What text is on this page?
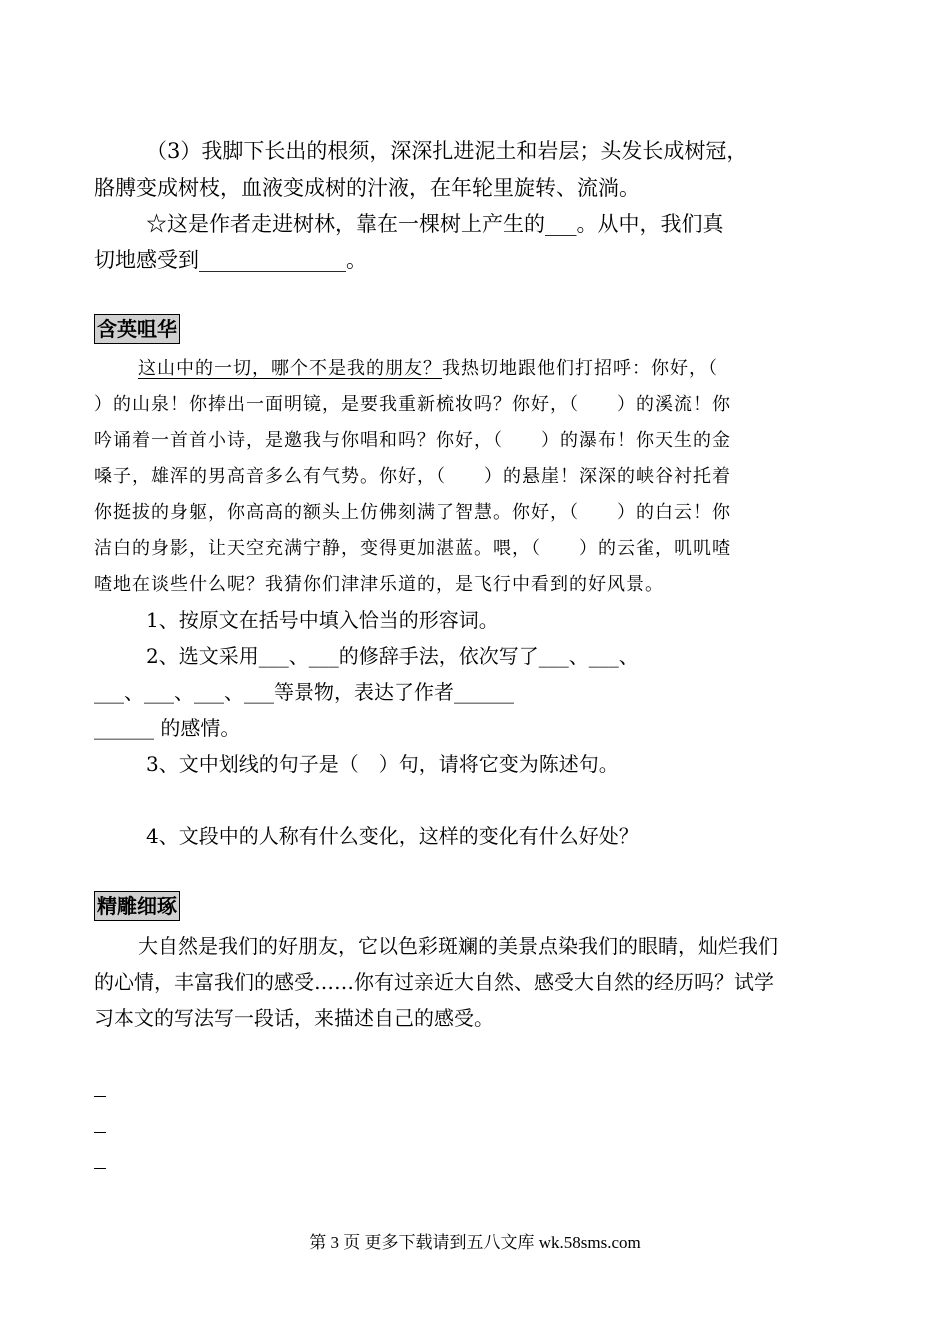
（3）我脚下长出的根须，深深扎进泥土和岩层；头发长成树冠，
胳膊变成树枝，血液变成树的汁液，在年轮里旋转、流淌。
☆这是作者走进树林，靠在一棵树上产生的___。从中，我们真
切地感受到______________。
含英咀华
这山中的一切，哪个不是我的朋友？我热切地跟他们打招呼：你好，（
）的山泉！你捧出一面明镜，是要我重新梳妆吗？你好，（　　）的溪流！你
吟诵着一首首小诗，是邀我与你唱和吗？你好，（　　）的瀑布！你天生的金
嗓子，雄浑的男高音多么有气势。你好，（　　）的悬崖！深深的峡谷衬托着
你挺拔的身躯，你高高的额头上仿佛刻满了智慧。你好，（　　）的白云！你
洁白的身影，让天空充满宁静，变得更加湛蓝。喂，（　　）的云雀，叽叽喳
喳地在谈些什么呢？我猜你们津津乐道的，是飞行中看到的好风景。
1、按原文在括号中填入恰当的形容词。
2、选文采用___、___的修辞手法，依次写了___、___、
___、___、___、___等景物，表达了作者______
______ 的感情。
3、文中划线的句子是（　）句，请将它变为陈述句。
4、文段中的人称有什么变化，这样的变化有什么好处？
精雕细琢
大自然是我们的好朋友，它以色彩斑斓的美景点染我们的眼睛，灿烂我们
的心情，丰富我们的感受……你有过亲近大自然、感受大自然的经历吗？试学
习本文的写法写一段话，来描述自己的感受。
第 3 页 更多下载请到五八文库 wk.58sms.com
